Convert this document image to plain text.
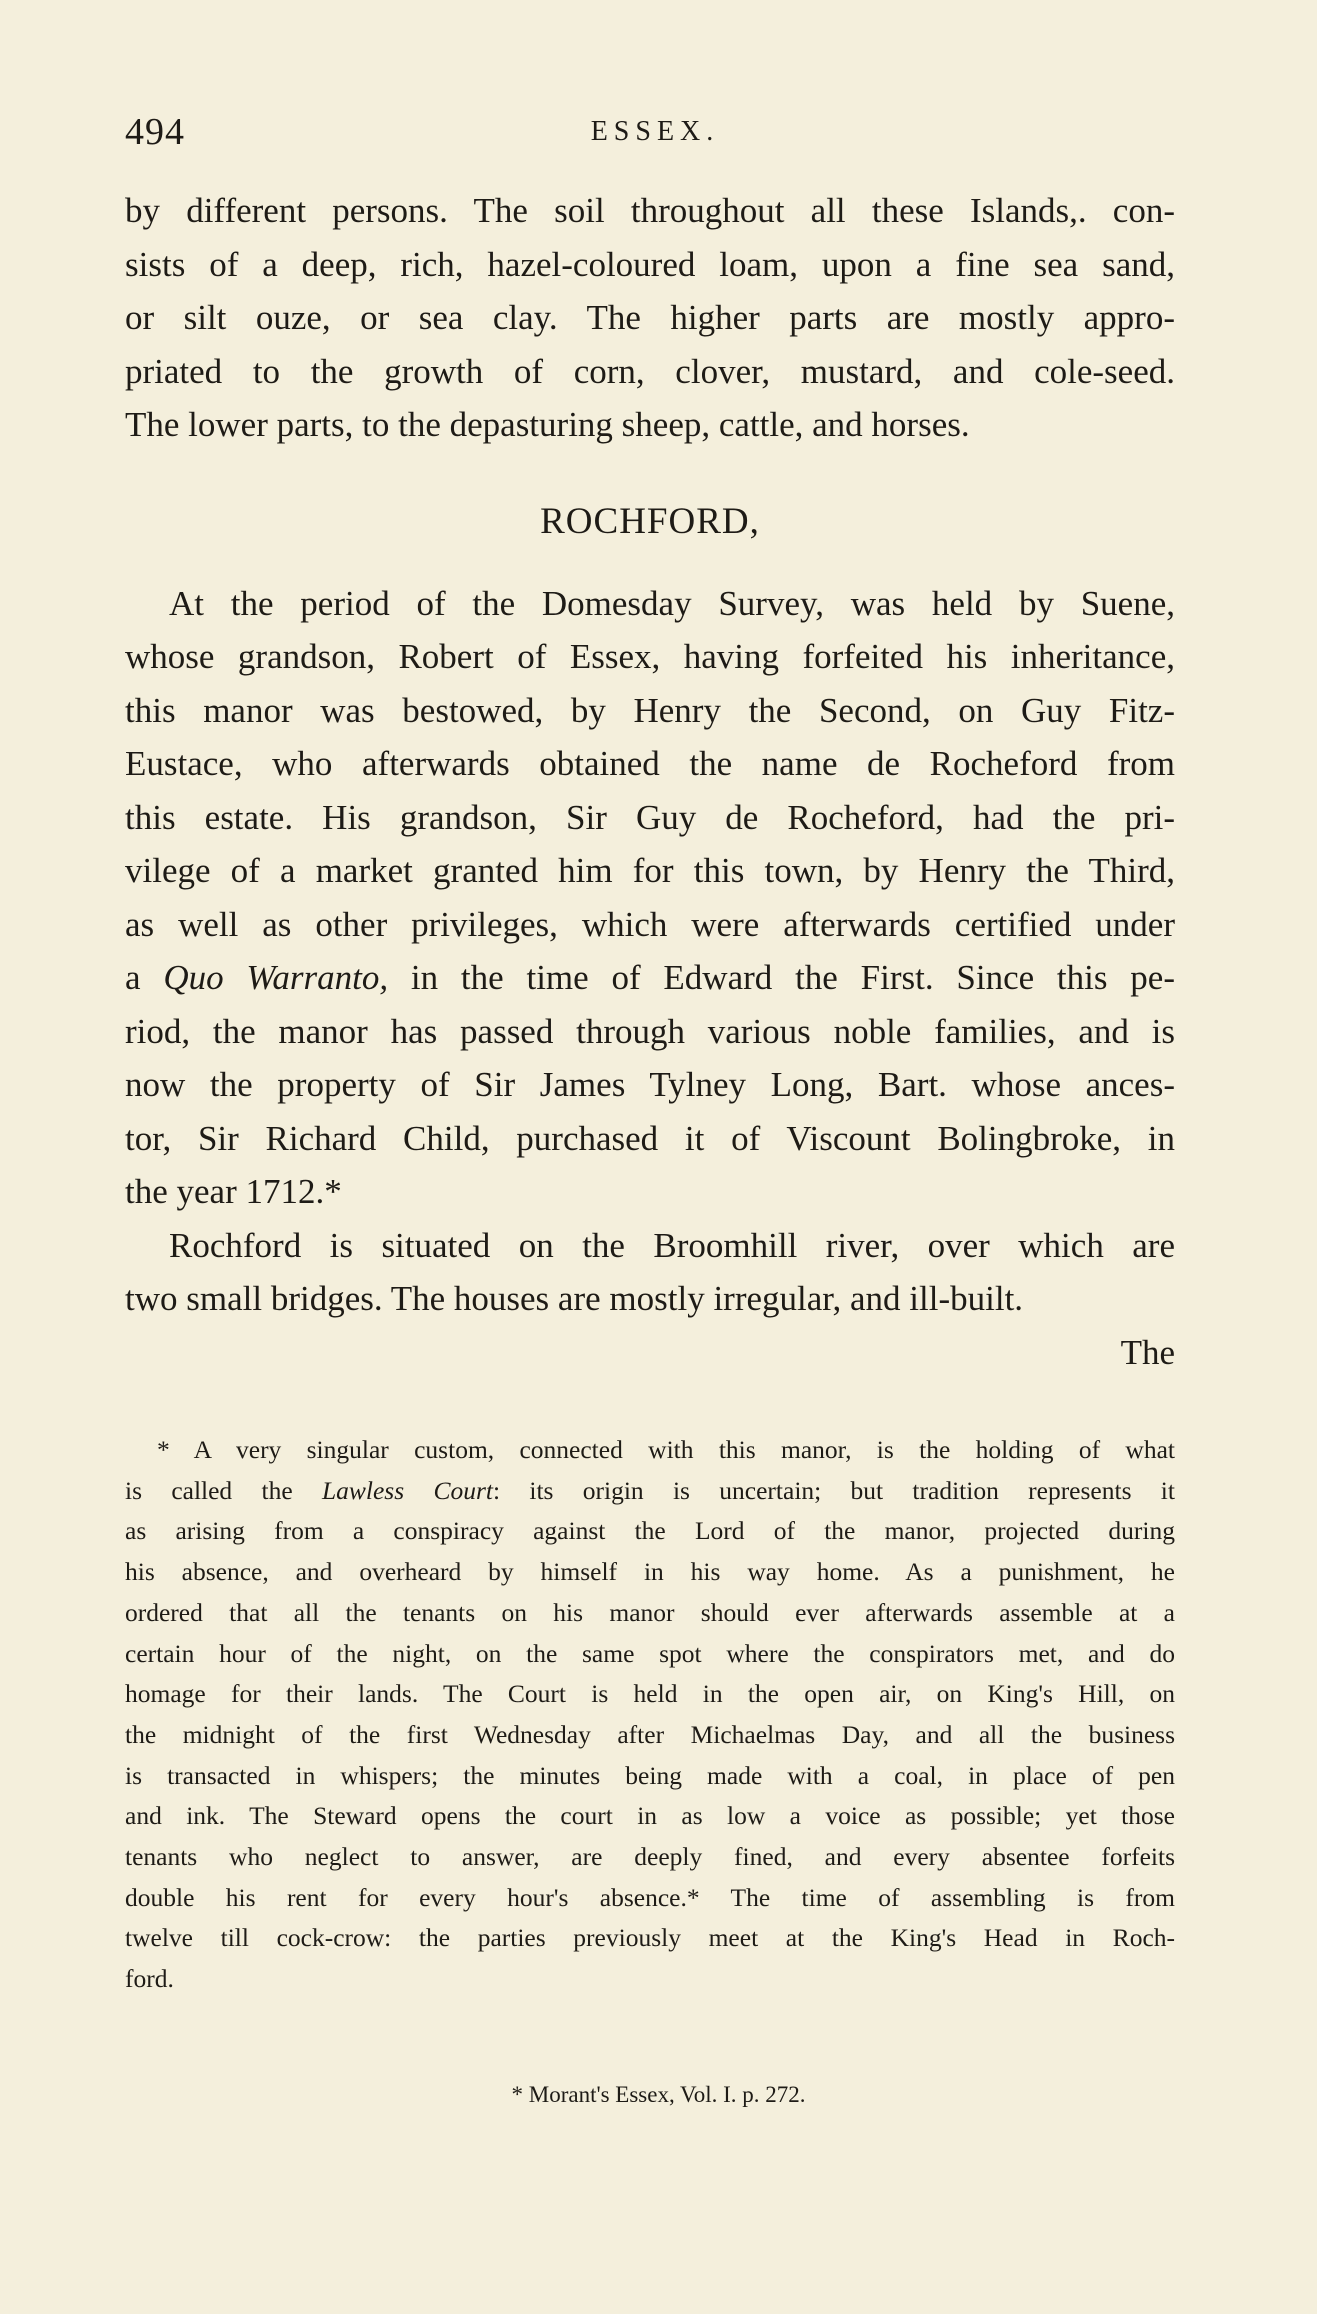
494	ESSEX.

by different persons. The soil throughout all these Islands,. con-

sists of a deep, rich, hazel-coloured loam, upon a fine sea sand,

or silt ouze, or sea clay. The higher parts are mostly appro-

priated to the growth of corn, clover, mustard, and cole-seed.

The lower parts, to the depasturing sheep, cattle, and horses.

ROCHFORD,

At the period of the Domesday Survey, was held by Suene,

whose grandson, Robert of Essex, having forfeited his inheritance,

this manor was bestowed, by Henry the Second, on Guy Fitz-

Eustace, who afterwards obtained the name de Rocheford from

this estate. His grandson, Sir Guy de Rocheford, had the pri-

vilege of a market granted him for this town, by Henry the Third,

as well as other privileges, which were afterwards certified under

a Quo Warranto, in the time of Edward the First. Since this pe-

riod, the manor has passed through various noble families, and is

now the property of Sir James Tylney Long, Bart. whose ances-

tor, Sir Richard Child, purchased it of Viscount Bolingbroke, in

the year 1712.*

Rochford is situated on the Broomhill river, over which are

two small bridges. The houses are mostly irregular, and ill-built.

The

* A very singular custom, connected with this manor, is the holding of what

is called the Lawless Court: its origin is uncertain; but tradition represents it

as arising from a conspiracy against the Lord of the manor, projected during

his absence, and overheard by himself in his way home. As a punishment, he

ordered that all the tenants on his manor should ever afterwards assemble at a

certain hour of the night, on the same spot where the conspirators met, and do

homage for their lands. The Court is held in the open air, on King's Hill, on

the midnight of the first Wednesday after Michaelmas Day, and all the business

is transacted in whispers; the minutes being made with a coal, in place of pen

and ink. The Steward opens the court in as low a voice as possible; yet those

tenants who neglect to answer, are deeply fined, and every absentee forfeits

double his rent for every hour's absence.* The time of assembling is from

twelve till cock-crow: the parties previously meet at the King's Head in Roch-

ford.

* Morant's Essex, Vol. I. p. 272.
